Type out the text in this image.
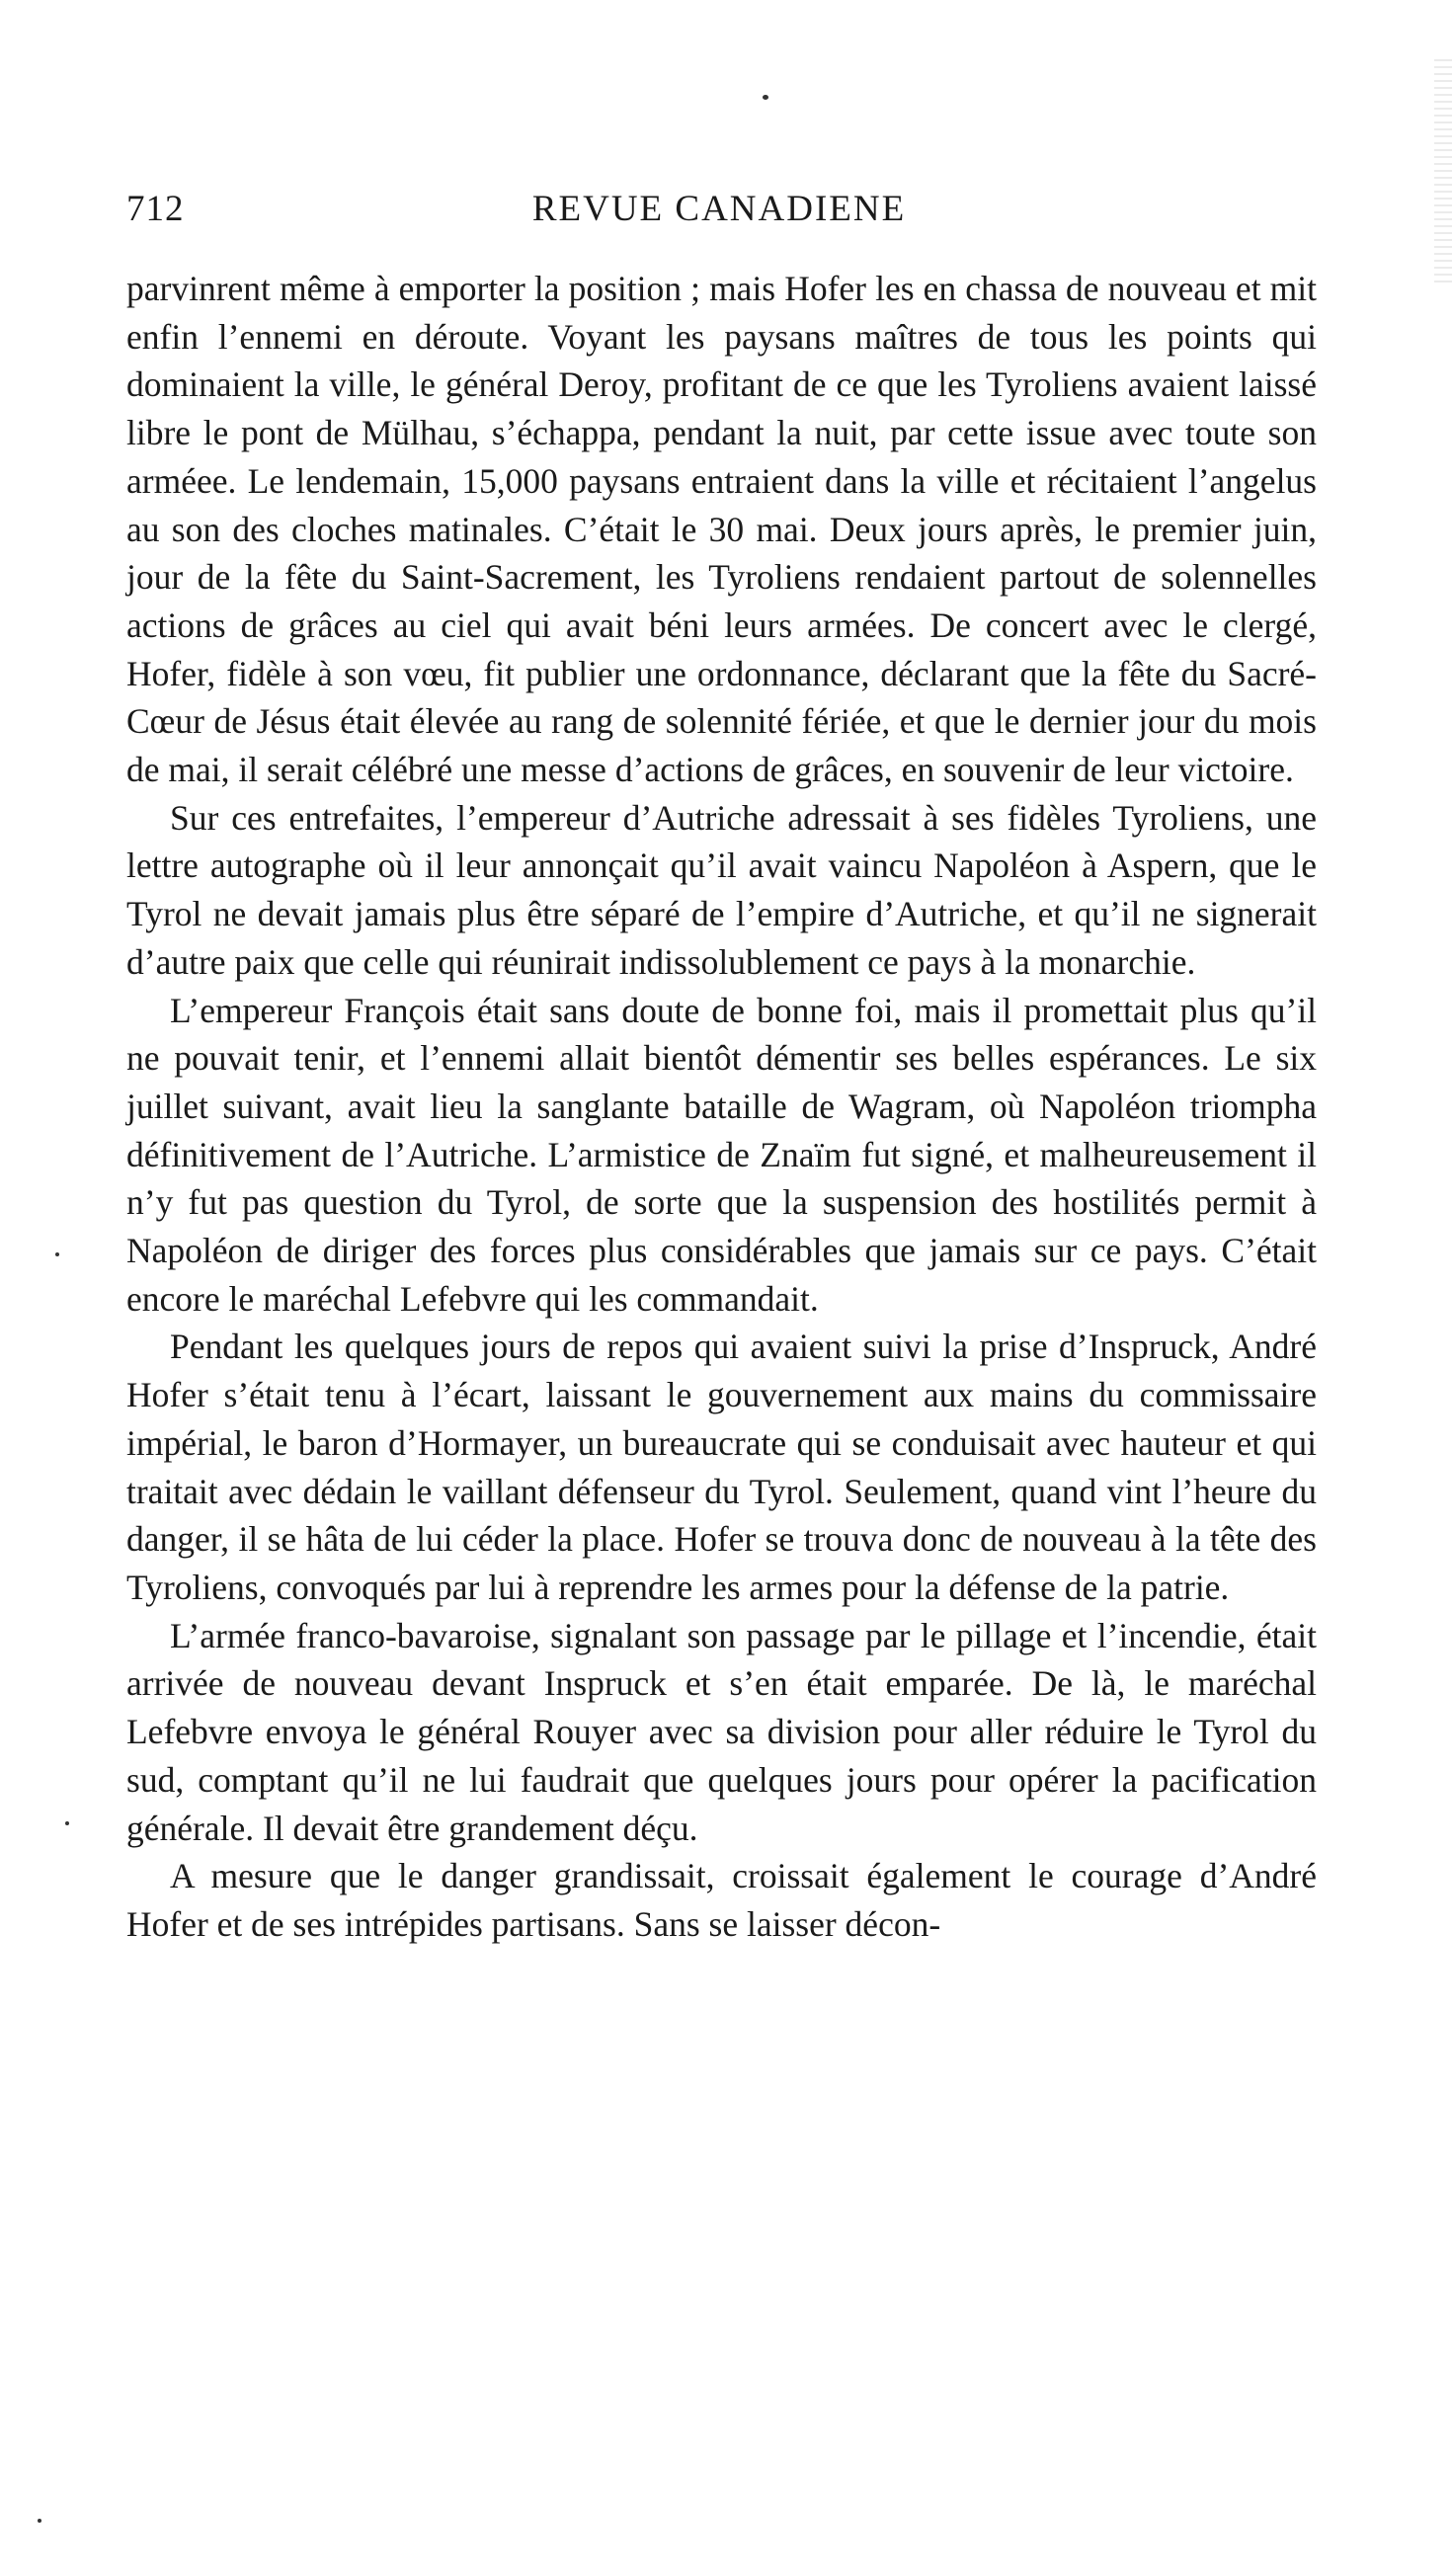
712	REVUE CANADIENE

parvinrent même à emporter la position ; mais Hofer les en chassa de nouveau et mit enfin l’ennemi en déroute. Voyant les paysans maîtres de tous les points qui dominaient la ville, le général Deroy, profitant de ce que les Tyroliens avaient laissé libre le pont de Mülhau, s’échappa, pendant la nuit, par cette issue avec toute son arméee. Le lendemain, 15,000 paysans entraient dans la ville et récitaient l’angelus au son des cloches matinales. C’était le 30 mai. Deux jours après, le premier juin, jour de la fête du Saint-Sacrement, les Tyroliens rendaient partout de solennelles actions de grâces au ciel qui avait béni leurs armées. De concert avec le clergé, Hofer, fidèle à son vœu, fit publier une ordonnance, déclarant que la fête du Sacré-Cœur de Jésus était élevée au rang de solennité fériée, et que le dernier jour du mois de mai, il serait célébré une messe d’actions de grâces, en souvenir de leur victoire.

Sur ces entrefaites, l’empereur d’Autriche adressait à ses fidèles Tyroliens, une lettre autographe où il leur annonçait qu’il avait vaincu Napoléon à Aspern, que le Tyrol ne devait jamais plus être séparé de l’empire d’Autriche, et qu’il ne signerait d’autre paix que celle qui réunirait indissolublement ce pays à la monarchie.

L’empereur François était sans doute de bonne foi, mais il promettait plus qu’il ne pouvait tenir, et l’ennemi allait bientôt démentir ses belles espérances. Le six juillet suivant, avait lieu la sanglante bataille de Wagram, où Napoléon triompha définitivement de l’Autriche. L’armistice de Znaïm fut signé, et malheureusement il n’y fut pas question du Tyrol, de sorte que la suspension des hostilités permit à Napoléon de diriger des forces plus considérables que jamais sur ce pays. C’était encore le maréchal Lefebvre qui les commandait.

Pendant les quelques jours de repos qui avaient suivi la prise d’Inspruck, André Hofer s’était tenu à l’écart, laissant le gouvernement aux mains du commissaire impérial, le baron d’Hormayer, un bureaucrate qui se conduisait avec hauteur et qui traitait avec dédain le vaillant défenseur du Tyrol. Seulement, quand vint l’heure du danger, il se hâta de lui céder la place. Hofer se trouva donc de nouveau à la tête des Tyroliens, convoqués par lui à reprendre les armes pour la défense de la patrie.

L’armée franco-bavaroise, signalant son passage par le pillage et l’incendie, était arrivée de nouveau devant Inspruck et s’en était emparée. De là, le maréchal Lefebvre envoya le général Rouyer avec sa division pour aller réduire le Tyrol du sud, comptant qu’il ne lui faudrait que quelques jours pour opérer la pacification générale. Il devait être grandement déçu.

A mesure que le danger grandissait, croissait également le courage d’André Hofer et de ses intrépides partisans. Sans se laisser décon-
